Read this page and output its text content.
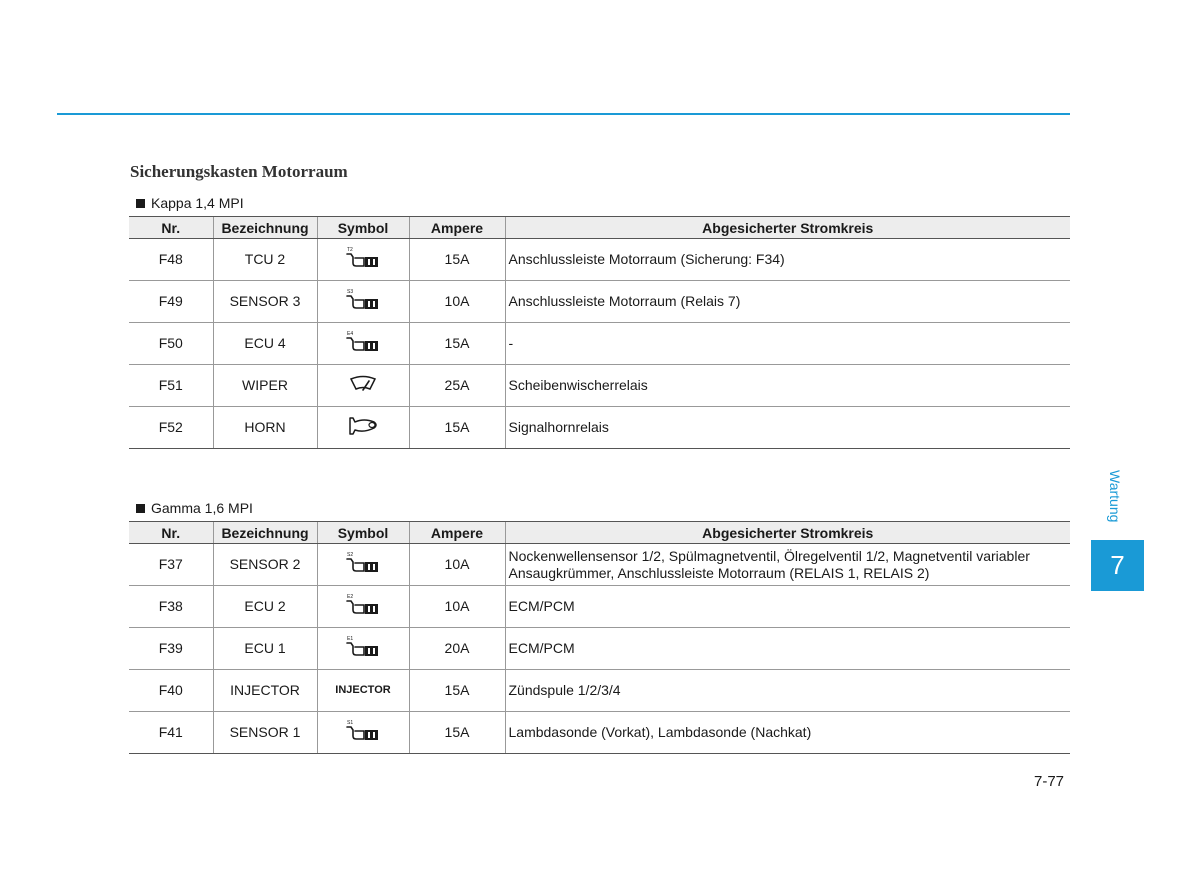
Sicherungskasten Motorraum
Kappa 1,4 MPI
Nr.	Bezeichnung	Symbol	Ampere	Abgesicherter Stromkreis
F48	TCU 2	T2	15A	Anschlussleiste Motorraum (Sicherung: F34)
F49	SENSOR 3	S3	10A	Anschlussleiste Motorraum (Relais 7)
F50	ECU 4	E4	15A	-
F51	WIPER		25A	Scheibenwischerrelais
F52	HORN		15A	Signalhornrelais
Gamma 1,6 MPI
Nr.	Bezeichnung	Symbol	Ampere	Abgesicherter Stromkreis
F37	SENSOR 2	S2	10A	Nockenwellensensor 1/2, Spülmagnetventil, Ölregelventil 1/2, Magnetventil variabler Ansaugkrümmer, Anschlussleiste Motorraum (RELAIS 1, RELAIS 2)
F38	ECU 2	E2	10A	ECM/PCM
F39	ECU 1	E1	20A	ECM/PCM
F40	INJECTOR	INJECTOR	15A	Zündspule 1/2/3/4
F41	SENSOR 1	S1	15A	Lambdasonde (Vorkat), Lambdasonde (Nachkat)
Wartung
7
7-77
